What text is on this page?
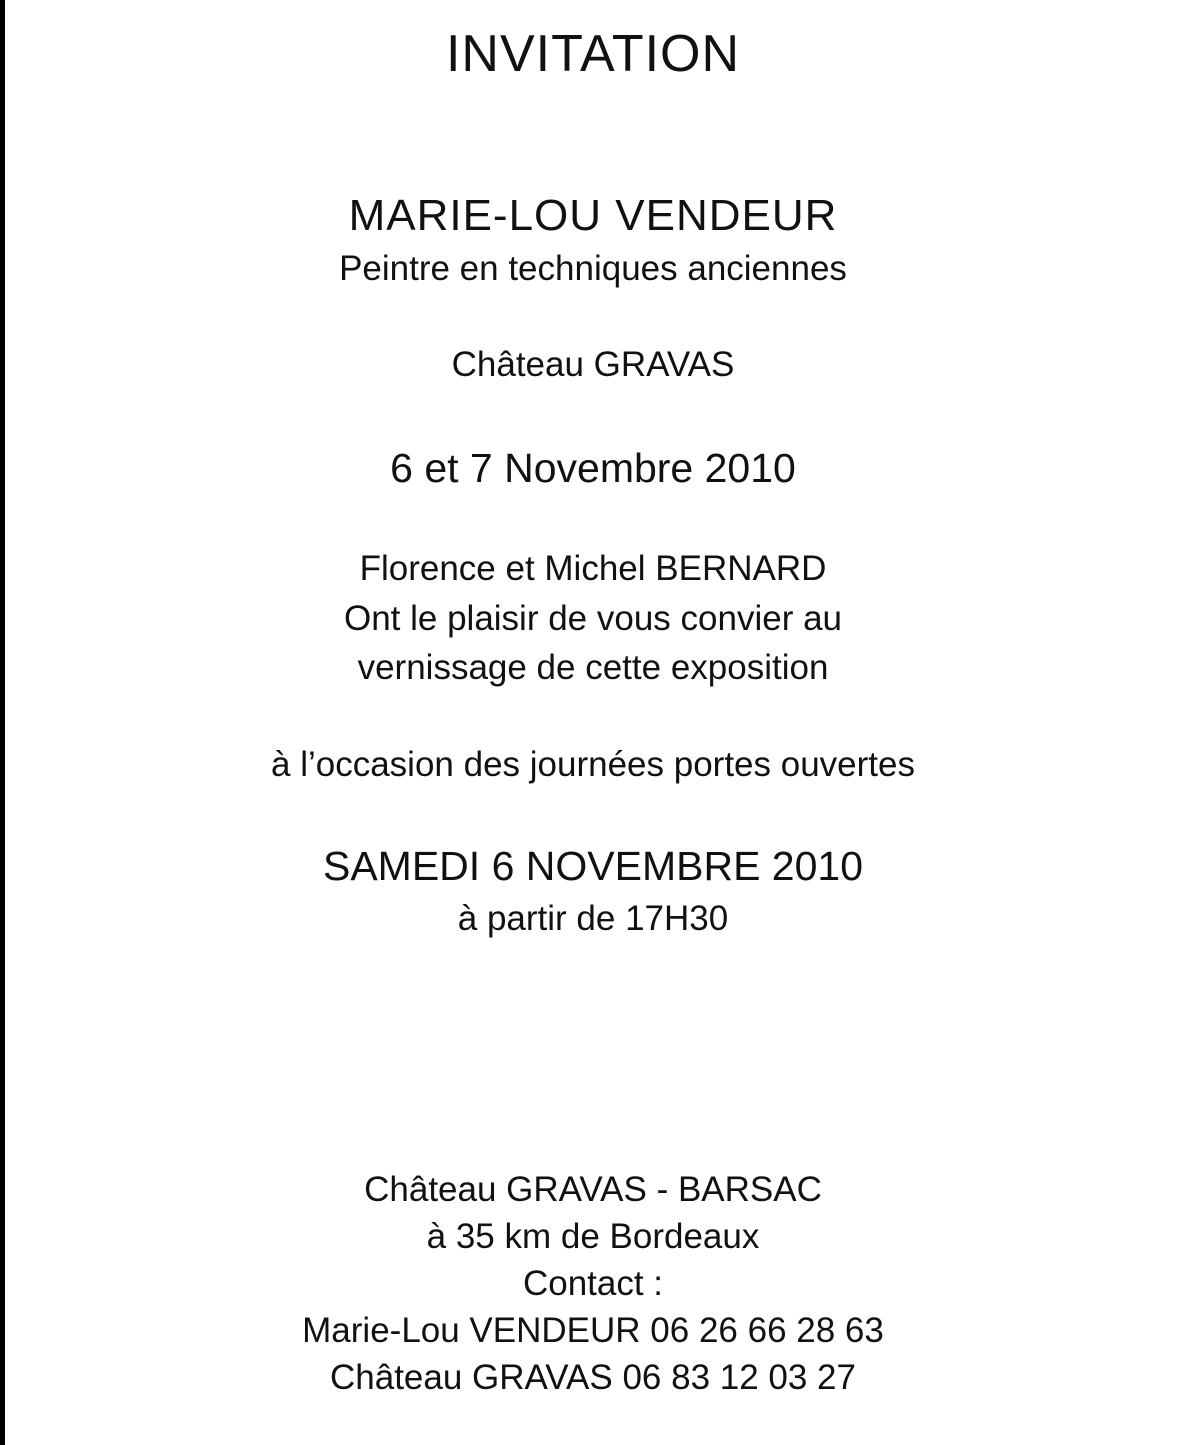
INVITATION
MARIE-LOU VENDEUR
Peintre en techniques anciennes
Château GRAVAS
6 et 7 Novembre 2010
Florence et Michel BERNARD
Ont le plaisir de vous convier au
vernissage de cette exposition
à l’occasion des journées portes ouvertes
SAMEDI 6 NOVEMBRE 2010
à partir de 17H30
Château GRAVAS - BARSAC
à 35 km de Bordeaux
Contact :
Marie-Lou VENDEUR 06 26 66 28 63
Château GRAVAS 06 83 12 03 27
